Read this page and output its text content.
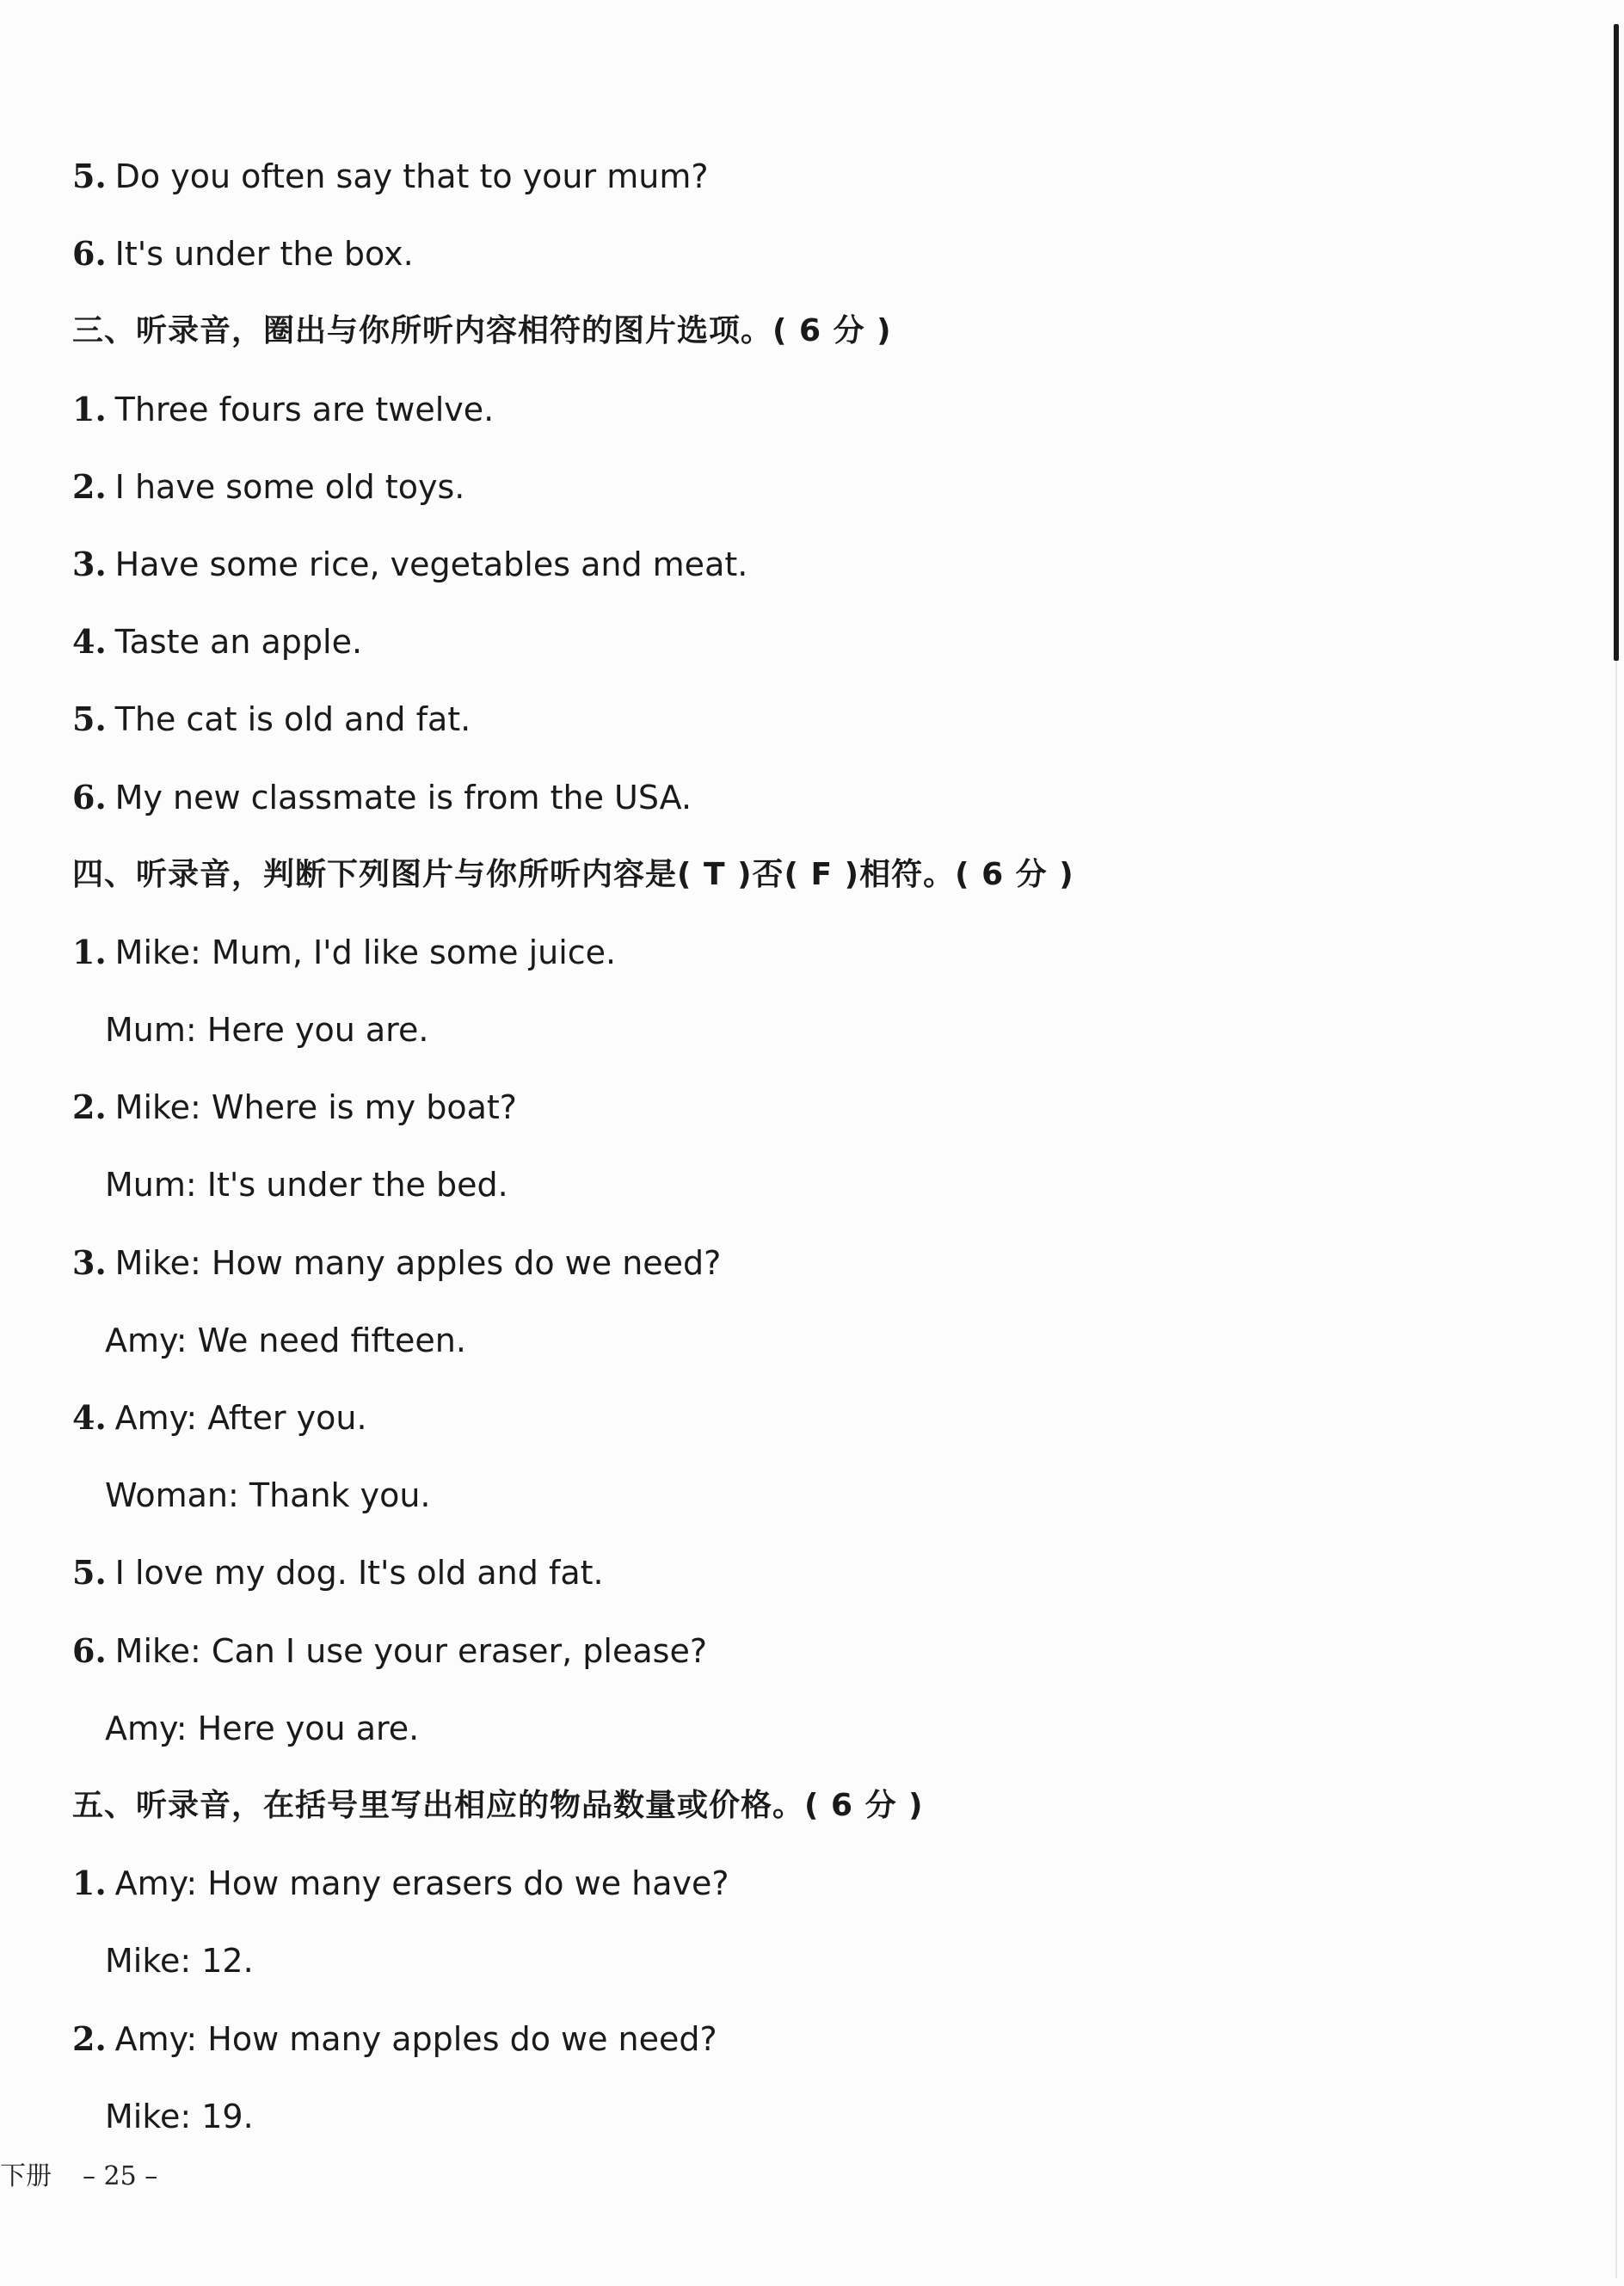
5. Do you often say that to your mum?
6. It's under the box.
三、听录音，圈出与你所听内容相符的图片选项。( 6 分 )
1. Three fours are twelve.
2. I have some old toys.
3. Have some rice, vegetables and meat.
4. Taste an apple.
5. The cat is old and fat.
6. My new classmate is from the USA.
四、听录音，判断下列图片与你所听内容是( T )否( F )相符。( 6 分 )
1. Mike: Mum, I'd like some juice.
Mum: Here you are.
2. Mike: Where is my boat?
Mum: It's under the bed.
3. Mike: How many apples do we need?
Amy: We need fifteen.
4. Amy: After you.
Woman: Thank you.
5. I love my dog. It's old and fat.
6. Mike: Can I use your eraser, please?
Amy: Here you are.
五、听录音，在括号里写出相应的物品数量或价格。( 6 分 )
1. Amy: How many erasers do we have?
Mike: 12.
2. Amy: How many apples do we need?
Mike: 19.
下册 – 25 –
